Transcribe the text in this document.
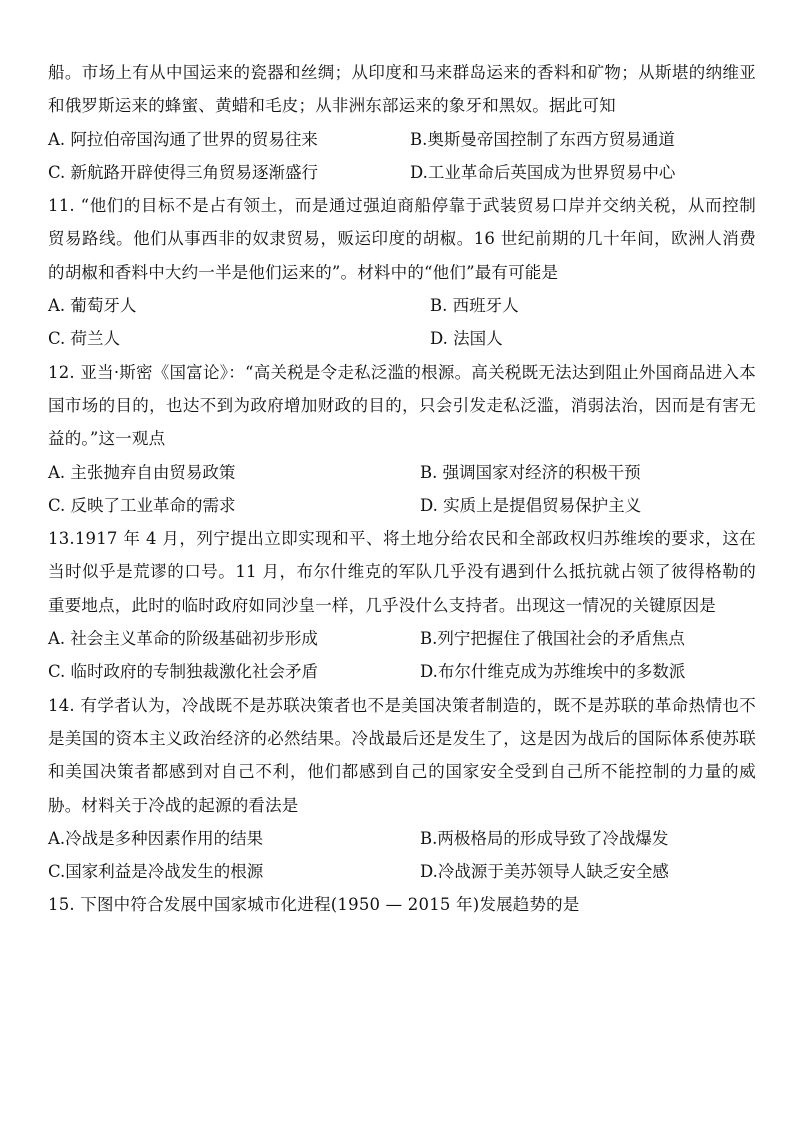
船。市场上有从中国运来的瓷器和丝绸；从印度和马来群岛运来的香料和矿物；从斯堪的纳维亚和俄罗斯运来的蜂蜜、黄蜡和毛皮；从非洲东部运来的象牙和黑奴。据此可知
A. 阿拉伯帝国沟通了世界的贸易往来	B.奥斯曼帝国控制了东西方贸易通道
C. 新航路开辟使得三角贸易逐渐盛行	D.工业革命后英国成为世界贸易中心
11. “他们的目标不是占有领土，而是通过强迫商船停靠于武装贸易口岸并交纳关税，从而控制贸易路线。他们从事西非的奴隶贸易，贩运印度的胡椒。16 世纪前期的几十年间，欧洲人消费的胡椒和香料中大约一半是他们运来的”。材料中的“他们”最有可能是
A. 葡萄牙人	B. 西班牙人
C. 荷兰人	D. 法国人
12. 亚当·斯密《国富论》：“高关税是令走私泛滥的根源。高关税既无法达到阻止外国商品进入本国市场的目的，也达不到为政府增加财政的目的，只会引发走私泛滥，消弱法治，因而是有害无益的。”这一观点
A. 主张抛弃自由贸易政策	B. 强调国家对经济的积极干预
C. 反映了工业革命的需求	D. 实质上是提倡贸易保护主义
13.1917 年 4 月，列宁提出立即实现和平、将土地分给农民和全部政权归苏维埃的要求，这在当时似乎是荒谬的口号。11 月，布尔什维克的军队几乎没有遇到什么抵抗就占领了彼得格勒的重要地点，此时的临时政府如同沙皇一样，几乎没什么支持者。出现这一情况的关键原因是
A. 社会主义革命的阶级基础初步形成	B.列宁把握住了俄国社会的矛盾焦点
C. 临时政府的专制独裁激化社会矛盾	D.布尔什维克成为苏维埃中的多数派
14. 有学者认为，冷战既不是苏联决策者也不是美国决策者制造的，既不是苏联的革命热情也不是美国的资本主义政治经济的必然结果。冷战最后还是发生了，这是因为战后的国际体系使苏联和美国决策者都感到对自己不利，他们都感到自己的国家安全受到自己所不能控制的力量的威胁。材料关于冷战的起源的看法是
A.冷战是多种因素作用的结果	B.两极格局的形成导致了冷战爆发
C.国家利益是冷战发生的根源	D.冷战源于美苏领导人缺乏安全感
15. 下图中符合发展中国家城市化进程(1950 — 2015 年)发展趋势的是
